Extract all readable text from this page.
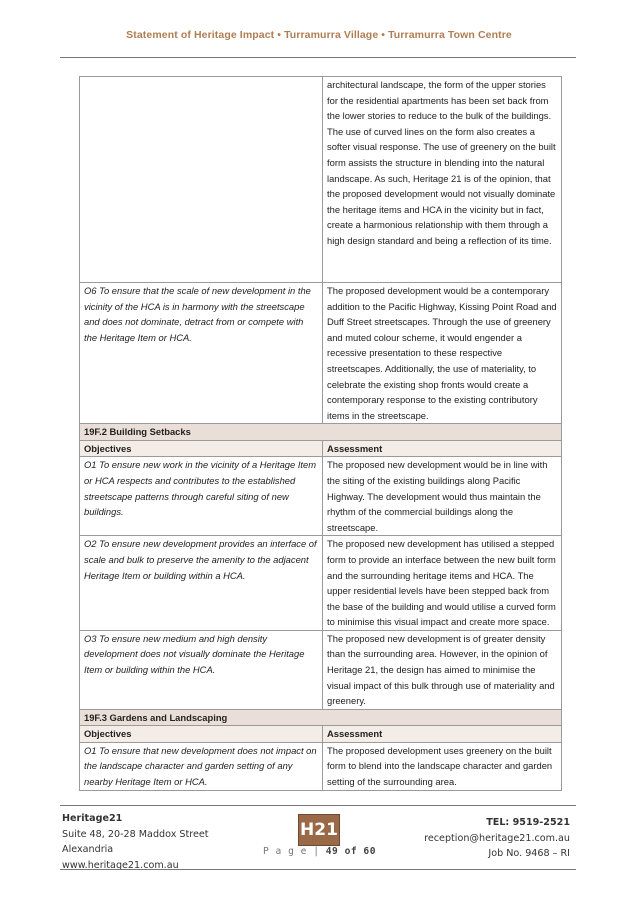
Statement of Heritage Impact • Turramurra Village • Turramurra Town Centre
	architectural landscape, the form of the upper stories for the residential apartments has been set back from the lower stories to reduce to the bulk of the buildings. The use of curved lines on the form also creates a softer visual response. The use of greenery on the built form assists the structure in blending into the natural landscape. As such, Heritage 21 is of the opinion, that the proposed development would not visually dominate the heritage items and HCA in the vicinity but in fact, create a harmonious relationship with them through a high design standard and being a reflection of its time.
O6 To ensure that the scale of new development in the vicinity of the HCA is in harmony with the streetscape and does not dominate, detract from or compete with the Heritage Item or HCA.	The proposed development would be a contemporary addition to the Pacific Highway, Kissing Point Road and Duff Street streetscapes. Through the use of greenery and muted colour scheme, it would engender a recessive presentation to these respective streetscapes. Additionally, the use of materiality, to celebrate the existing shop fronts would create a contemporary response to the existing contributory items in the streetscape.
19F.2 Building Setbacks	
Objectives	Assessment
O1 To ensure new work in the vicinity of a Heritage Item or HCA respects and contributes to the established streetscape patterns through careful siting of new buildings.	The proposed new development would be in line with the siting of the existing buildings along Pacific Highway. The development would thus maintain the rhythm of the commercial buildings along the streetscape.
O2 To ensure new development provides an interface of scale and bulk to preserve the amenity to the adjacent Heritage Item or building within a HCA.	The proposed new development has utilised a stepped form to provide an interface between the new built form and the surrounding heritage items and HCA. The upper residential levels have been stepped back from the base of the building and would utilise a curved form to minimise this visual impact and create more space.
O3 To ensure new medium and high density development does not visually dominate the Heritage Item or building within the HCA.	The proposed new development is of greater density than the surrounding area. However, in the opinion of Heritage 21, the design has aimed to minimise the visual impact of this bulk through use of materiality and greenery.
19F.3 Gardens and Landscaping	
Objectives	Assessment
O1 To ensure that new development does not impact on the landscape character and garden setting of any nearby Heritage Item or HCA.	The proposed development uses greenery on the built form to blend into the landscape character and garden setting of the surrounding area.
Heritage21
Suite 48, 20-28 Maddox Street
Alexandria
www.heritage21.com.au
H21
P a g e | 49 of 60
TEL: 9519-2521
reception@heritage21.com.au
Job No. 9468 – RI
